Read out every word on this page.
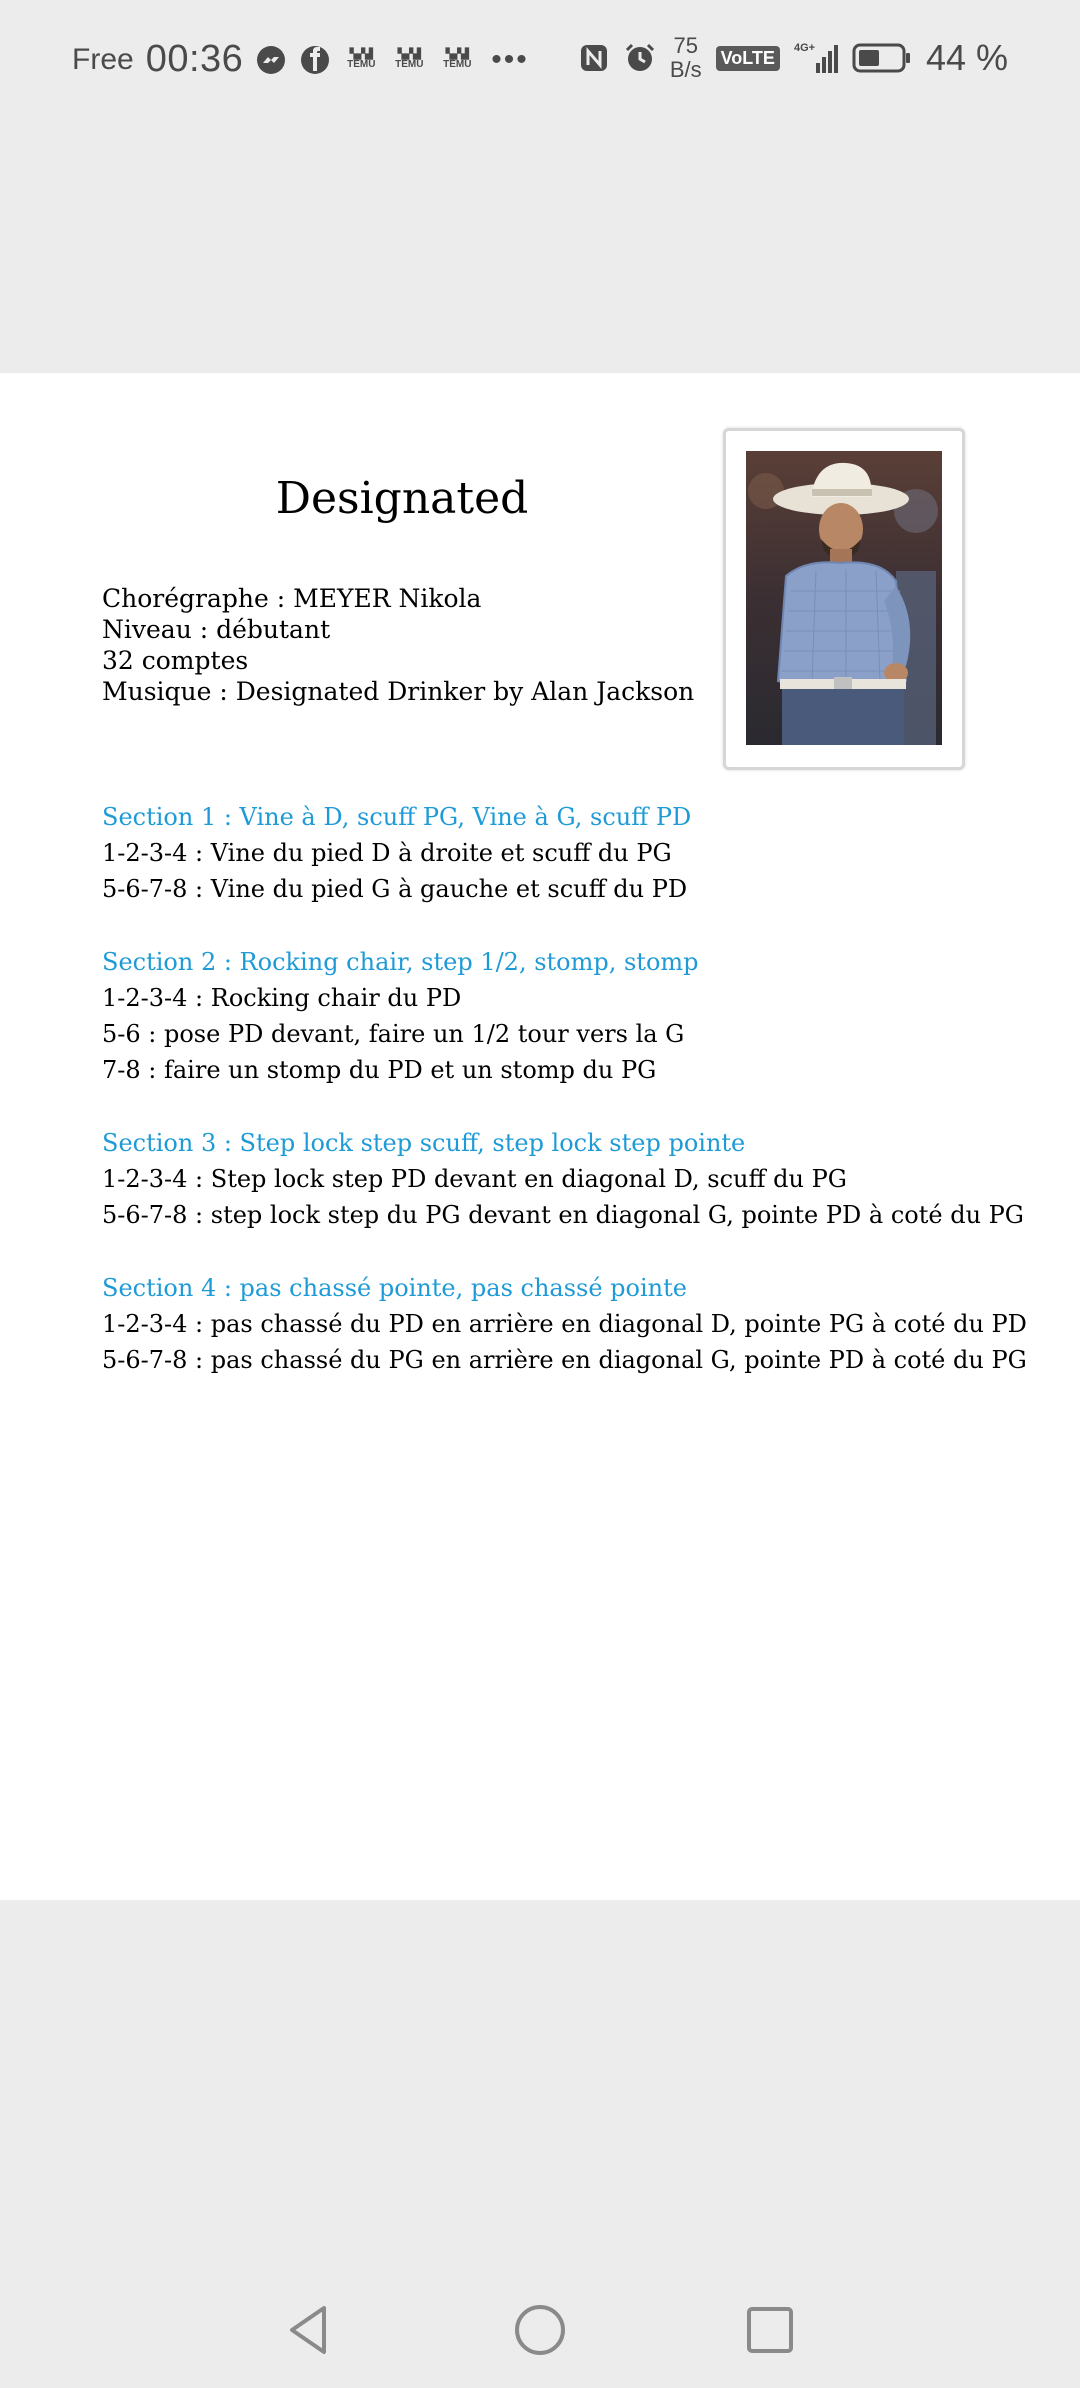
Free 00:36	▚▞▟
TEMU
▚▞▟
TEMU
▚▞▟
TEMU •••	75
B/s VoLTE	4G+	44 %
Designated
Chorégraphe : MEYER Nikola
Niveau : débutant
32 comptes
Musique : Designated Drinker by Alan Jackson
Section 1 : Vine à D, scuff PG, Vine à G, scuff PD
1-2-3-4 : Vine du pied D à droite et scuff du PG
5-6-7-8 : Vine du pied G à gauche et scuff du PD
Section 2 : Rocking chair, step 1/2, stomp, stomp
1-2-3-4 : Rocking chair du PD
5-6 : pose PD devant, faire un 1/2 tour vers la G
7-8 : faire un stomp du PD et un stomp du PG
Section 3 : Step lock step scuff, step lock step pointe
1-2-3-4 : Step lock step PD devant en diagonal D, scuff du PG
5-6-7-8 : step lock step du PG devant en diagonal G, pointe PD à coté du PG
Section 4 : pas chassé pointe, pas chassé pointe
1-2-3-4 : pas chassé du PD en arrière en diagonal D, pointe PG à coté du PD
5-6-7-8 : pas chassé du PG en arrière en diagonal G, pointe PD à coté du PG
